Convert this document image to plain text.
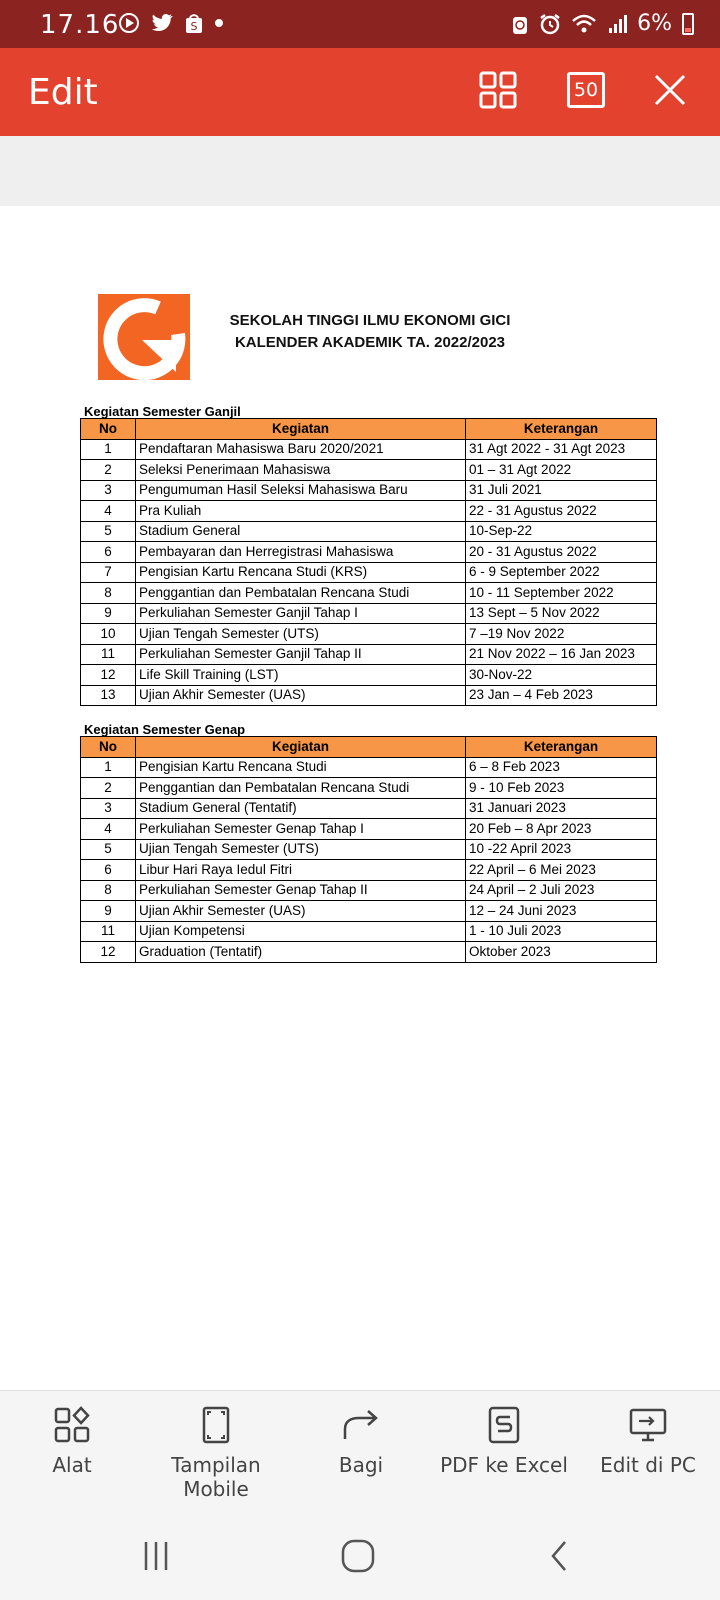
17.16	S	6%
Edit	50
SEKOLAH TINGGI ILMU EKONOMI GICI
KALENDER AKADEMIK TA. 2022/2023
Kegiatan Semester Ganjil
No	Kegiatan	Keterangan
1	Pendaftaran Mahasiswa Baru 2020/2021	31 Agt 2022 - 31 Agt 2023
2	Seleksi Penerimaan Mahasiswa	01 – 31 Agt 2022
3	Pengumuman Hasil Seleksi Mahasiswa Baru	31 Juli 2021
4	Pra Kuliah	22 - 31 Agustus 2022
5	Stadium General	10-Sep-22
6	Pembayaran dan Herregistrasi Mahasiswa	20 - 31 Agustus 2022
7	Pengisian Kartu Rencana Studi (KRS)	6 - 9 September 2022
8	Penggantian dan Pembatalan Rencana Studi	10 - 11 September 2022
9	Perkuliahan Semester Ganjil Tahap I	13 Sept – 5 Nov 2022
10	Ujian Tengah Semester (UTS)	7 –19 Nov 2022
11	Perkuliahan Semester Ganjil Tahap II	21 Nov 2022 – 16 Jan 2023
12	Life Skill Training (LST)	30-Nov-22
13	Ujian Akhir Semester (UAS)	23 Jan – 4 Feb 2023
Kegiatan Semester Genap
No	Kegiatan	Keterangan
1	Pengisian Kartu Rencana Studi	6 – 8 Feb 2023
2	Penggantian dan Pembatalan Rencana Studi	9 - 10 Feb 2023
3	Stadium General (Tentatif)	31 Januari 2023
4	Perkuliahan Semester Genap Tahap I	20 Feb – 8 Apr 2023
5	Ujian Tengah Semester (UTS)	10 -22 April 2023
6	Libur Hari Raya Iedul Fitri	22 April – 6 Mei 2023
8	Perkuliahan Semester Genap Tahap II	24 April – 2 Juli 2023
9	Ujian Akhir Semester (UAS)	12 – 24 Juni 2023
11	Ujian Kompetensi	1 - 10 Juli 2023
12	Graduation (Tentatif)	Oktober 2023
Alat	Tampilan Mobile
Bagi	PDF ke Excel	Edit di PC
